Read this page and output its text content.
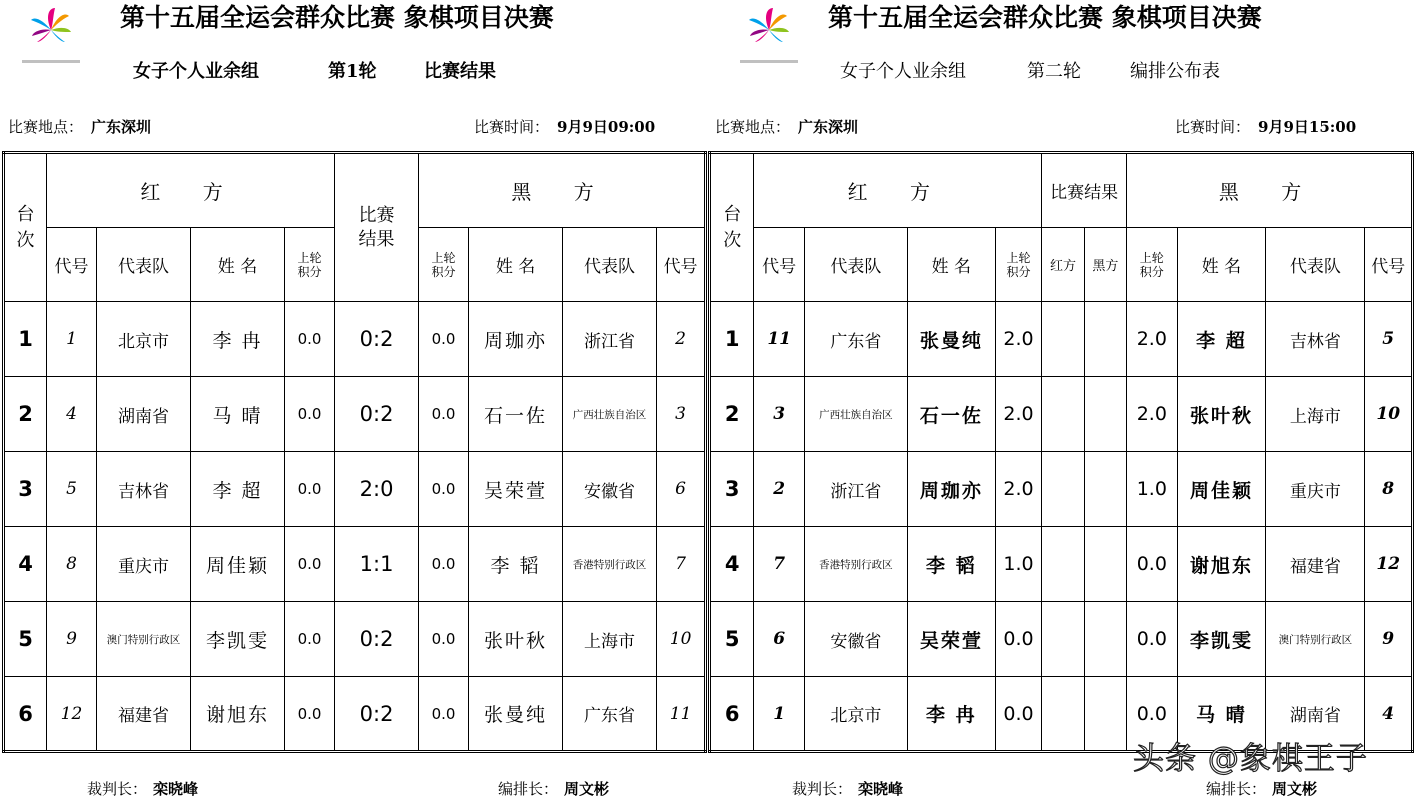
第十五届全运会群众比赛 象棋项目决赛
女子个人业余组	第1轮	比赛结果
比赛地点： 广东深圳	比赛时间： 9月9日09:00
台次	红 方				比赛结果	黑 方			
	代号	代表队	姓 名	上轮积分		上轮积分	姓 名	代表队	代号
1	1	北京市	李 冉	0.0	0:2	0.0	周珈亦	浙江省	2
2	4	湖南省	马 晴	0.0	0:2	0.0	石一佐	广西壮族自治区	3
3	5	吉林省	李 超	0.0	2:0	0.0	吴荣萱	安徽省	6
4	8	重庆市	周佳颖	0.0	1:1	0.0	李 韬	香港特别行政区	7
5	9	澳门特别行政区	李凯雯	0.0	0:2	0.0	张叶秋	上海市	10
6	12	福建省	谢旭东	0.0	0:2	0.0	张曼纯	广东省	11
裁判长： 栾晓峰	编排长： 周文彬
第十五届全运会群众比赛 象棋项目决赛
女子个人业余组	第二轮	编排公布表
比赛地点： 广东深圳	比赛时间： 9月9日15:00
台次	红 方				比赛结果		黑 方			
	代号	代表队	姓 名	上轮积分	红方	黑方	上轮积分	姓 名	代表队	代号
1	11	广东省	张曼纯	2.0			2.0	李 超	吉林省	5
2	3	广西壮族自治区	石一佐	2.0			2.0	张叶秋	上海市	10
3	2	浙江省	周珈亦	2.0			1.0	周佳颖	重庆市	8
4	7	香港特别行政区	李 韬	1.0			0.0	谢旭东	福建省	12
5	6	安徽省	吴荣萱	0.0			0.0	李凯雯	澳门特别行政区	9
6	1	北京市	李 冉	0.0			0.0	马 晴	湖南省	4
裁判长： 栾晓峰	编排长： 周文彬
头条 @象棋王子
